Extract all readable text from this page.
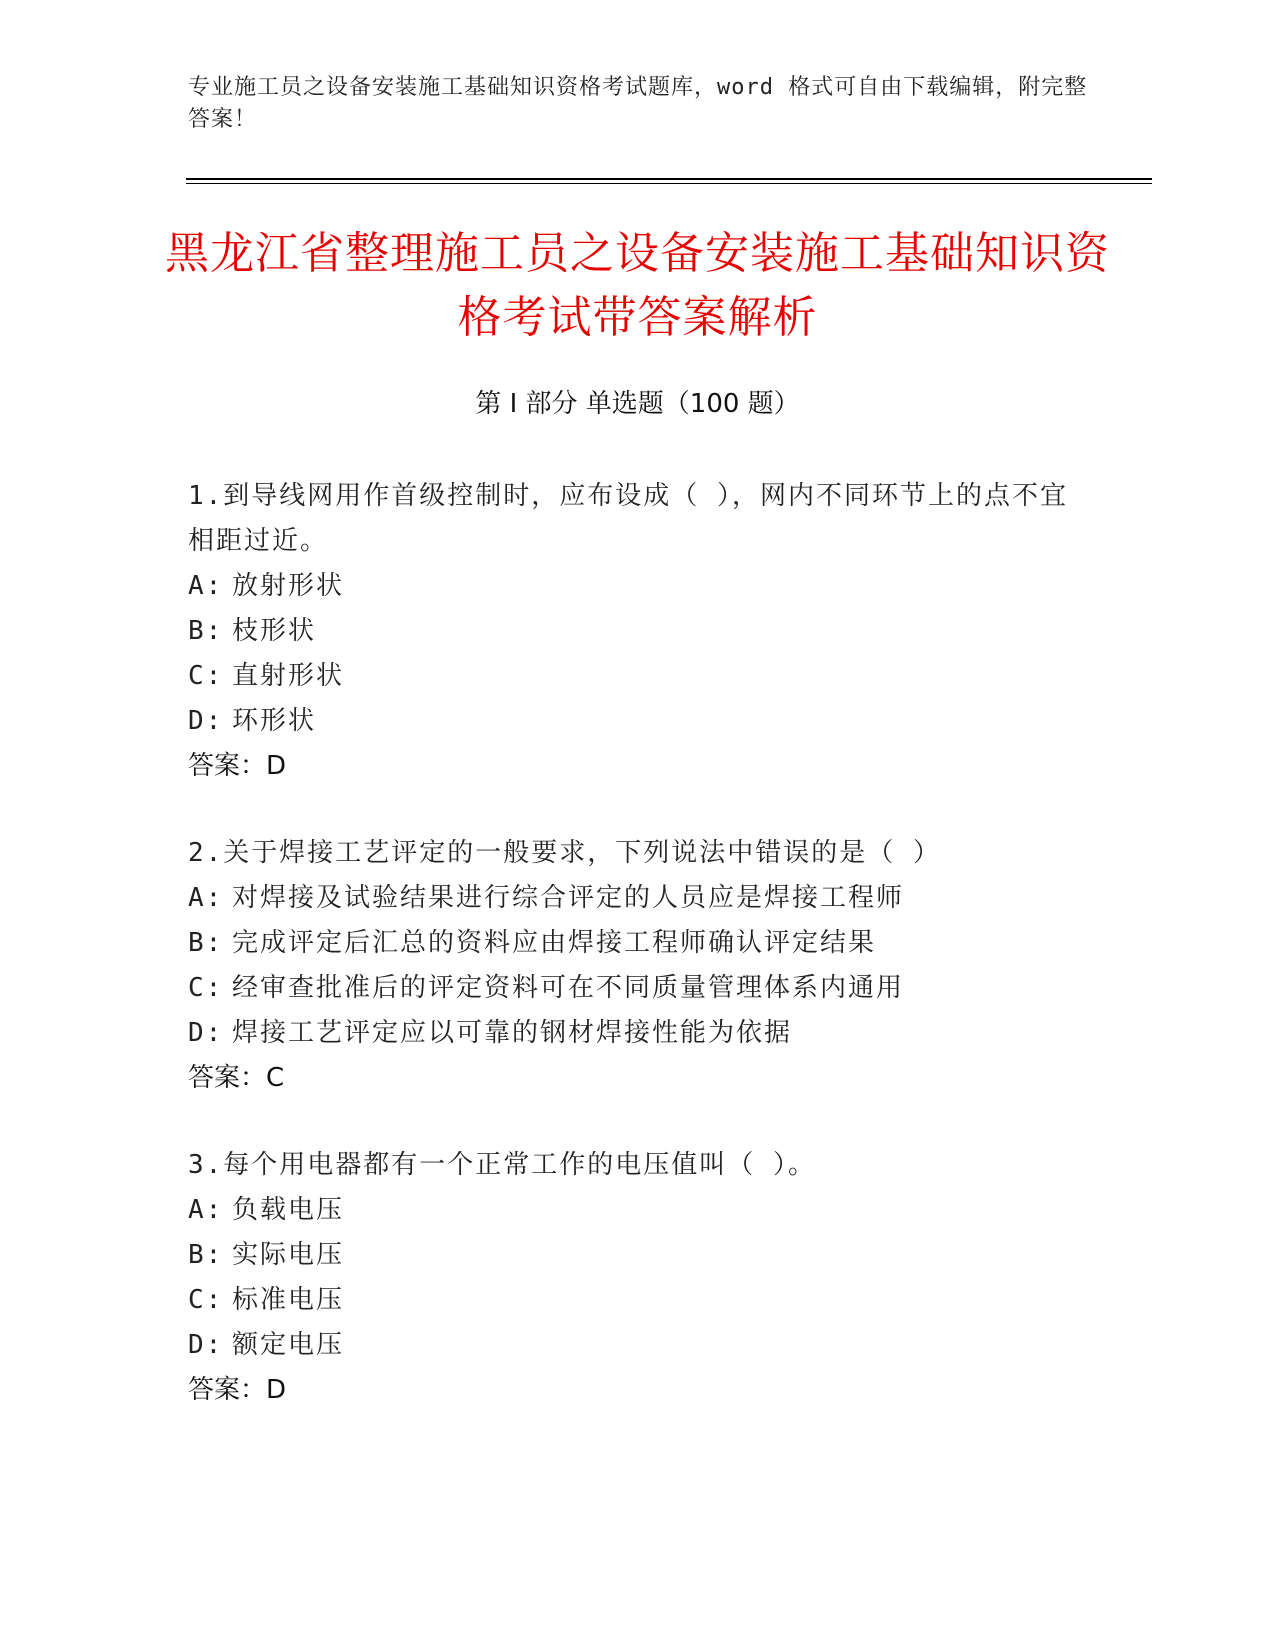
专业施工员之设备安装施工基础知识资格考试题库，word 格式可自由下载编辑，附完整答案！
黑龙江省整理施工员之设备安装施工基础知识资格考试带答案解析
第 I 部分 单选题（100 题）
1.到导线网用作首级控制时，应布设成（ ），网内不同环节上的点不宜相距过近。
A: 放射形状
B: 枝形状
C: 直射形状
D: 环形状
答案：D
2.关于焊接工艺评定的一般要求，下列说法中错误的是（ ）
A: 对焊接及试验结果进行综合评定的人员应是焊接工程师
B: 完成评定后汇总的资料应由焊接工程师确认评定结果
C: 经审查批准后的评定资料可在不同质量管理体系内通用
D: 焊接工艺评定应以可靠的钢材焊接性能为依据
答案：C
3.每个用电器都有一个正常工作的电压值叫（ ）。
A: 负载电压
B: 实际电压
C: 标准电压
D: 额定电压
答案：D
